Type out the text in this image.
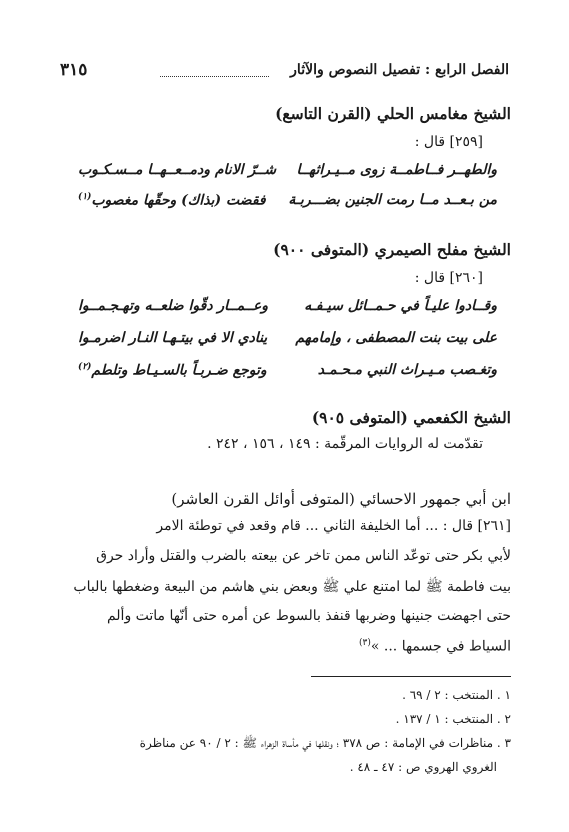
الفصل الرابع : تفصيل النصوص والآثار
٣١٥
الشيخ مغامس الحلي (القرن التاسع)
[٢٥٩] قال :
والطهــر فــاطمــة زوى مــيـراثهــا
شــرّ الانام ودمــعــهــا مــسـكـوب
من بـعــد مــا رمت الجنين بضـــربـة
فقضت (بذاك) وحقّها مغصوب$^{(١)}$
الشيخ مفلح الصيمري (المتوفى ٩٠٠)
[٢٦٠] قال :
وقــادوا عليـاً في حـمــائل سيـفـه
وعــمــار دقّوا ضلعــه وتهـجـمــوا
على بيت بنت المصطفى ، وإمامهم
ينادي الا في بيتـهـا النـار اضرمـوا
وتغـصب مـيـراث النبي مـحـمـد
وتوجع ضـربـاً بالسـيـاط وتلطم$^{(٢)}$
الشيخ الكفعمي (المتوفى ٩٠٥)
تقدّمت له الروايات المرقّمة : ١٤٩ ، ١٥٦ ، ٢٤٢ .
ابن أبي جمهور الاحسائي (المتوفى أوائل القرن العاشر)
[٢٦١] قال : ... أما الخليفة الثاني ... قام وقعد في توطئة الامر
لأبي بكر حتى توعّد الناس ممن تاخر عن بيعته بالضرب والقتل وأراد حرق
بيت فاطمة ﷺ لما امتنع علي ﷺ وبعض بني هاشم من البيعة وضغطها بالباب
حتى اجهضت جنينها وضربها قنفذ بالسوط عن أمره حتى أنّها ماتت وألم
السياط في جسمها ... »$^{(٣)}$
١ . المنتخب : ٢ / ٦٩ .
٢ . المنتخب : ١ / ١٣٧ .
٣ . مناظرات في الإمامة : ص ٣٧٨ ؛ ونقلها في مأساة الزهراء ﷺ : ٢ / ٩٠ عن مناظرة
الغروي الهروي ص : ٤٧ ـ ٤٨ .
